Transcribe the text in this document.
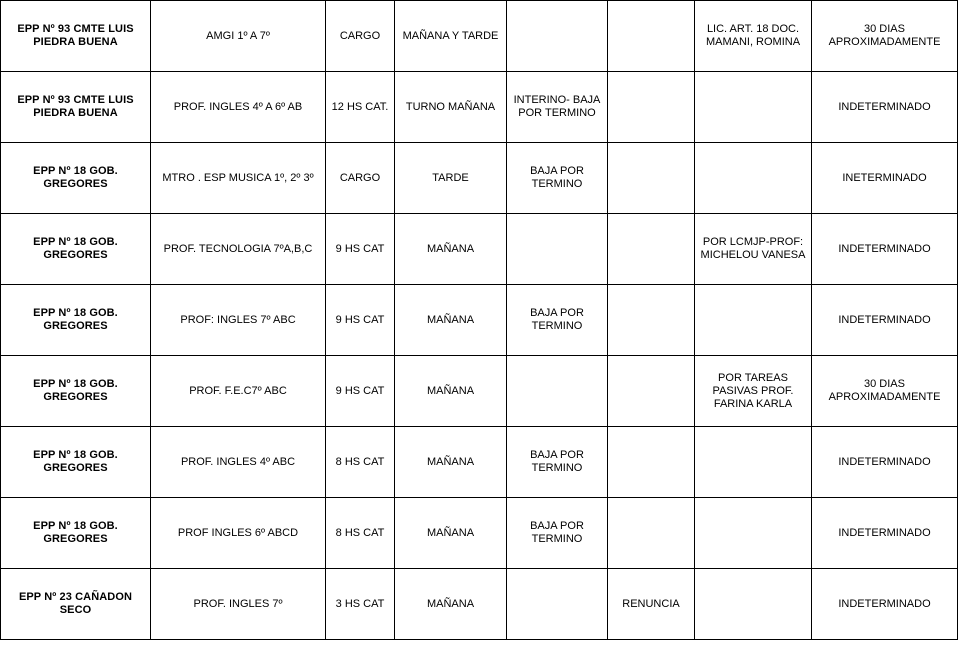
EPP Nº 93 CMTE LUIS
PIEDRA BUENA	AMGI 1º A 7º	CARGO	MAÑANA Y TARDE			LIC. ART. 18 DOC.
MAMANI, ROMINA	30 DIAS
APROXIMADAMENTE
EPP Nº 93 CMTE LUIS
PIEDRA BUENA	PROF. INGLES 4º A 6º AB	12 HS CAT.	TURNO MAÑANA	INTERINO- BAJA
POR TERMINO			INDETERMINADO
EPP Nº 18 GOB. GREGORES	MTRO . ESP MUSICA 1º, 2º 3º	CARGO	TARDE	BAJA POR
TERMINO			INETERMINADO
EPP Nº 18 GOB. GREGORES	PROF. TECNOLOGIA 7ºA,B,C	9 HS CAT	MAÑANA			POR LCMJP-PROF:
MICHELOU VANESA	INDETERMINADO
EPP Nº 18 GOB. GREGORES	PROF: INGLES 7º ABC	9 HS CAT	MAÑANA	BAJA POR
TERMINO			INDETERMINADO
EPP Nº 18 GOB. GREGORES	PROF. F.E.C7º ABC	9 HS CAT	MAÑANA			POR TAREAS
PASIVAS PROF.
FARINA KARLA	30 DIAS
APROXIMADAMENTE
EPP Nº 18 GOB. GREGORES	PROF. INGLES 4º ABC	8 HS CAT	MAÑANA	BAJA POR
TERMINO			INDETERMINADO
EPP Nº 18 GOB. GREGORES	PROF INGLES 6º ABCD	8 HS CAT	MAÑANA	BAJA POR
TERMINO			INDETERMINADO
EPP Nº 23 CAÑADON SECO	PROF. INGLES 7º	3 HS CAT	MAÑANA		RENUNCIA		INDETERMINADO
